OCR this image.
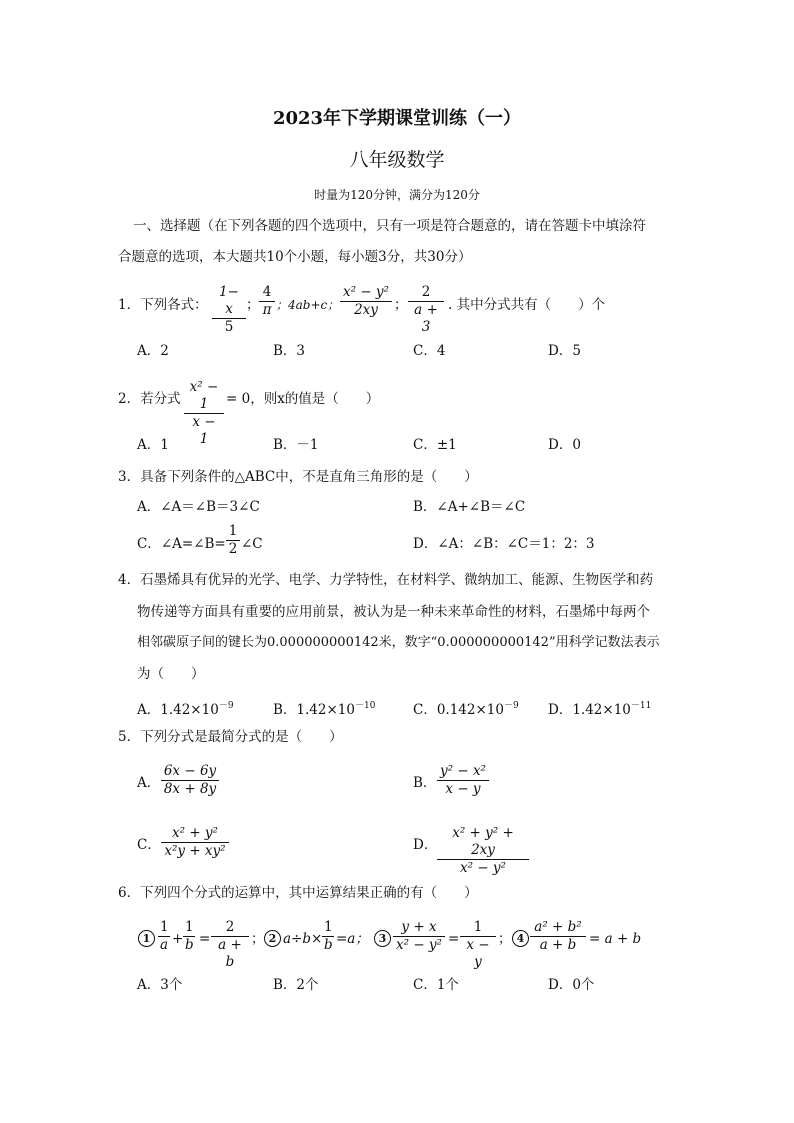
2023年下学期课堂训练（一）
八年级数学
时量为120分钟，满分为120分
一、选择题（在下列各题的四个选项中，只有一项是符合题意的，请在答题卡中填涂符
合题意的选项，本大题共10个小题，每小题3分，共30分）
1．下列各式：
1− x
5
；
4
π ；4ab+c；
x² − y²
2xy	；
2
a + 3
. 其中分式共有（　　）个
A．2	B．3	C．4	D．5
2．若分式
x² − 1
x − 1
= 0，则x的值是（　　）
A．1	B．－1	C．±1	D．0
3．具备下列条件的△ABC中，不是直角三角形的是（　　）
A．∠A＝∠B＝3∠C	B．∠A+∠B＝∠C
C．∠A=∠B=
1
2 ∠C	D．∠A：∠B：∠C＝1：2：3
4．石墨烯具有优异的光学、电学、力学特性，在材料学、微纳加工、能源、生物医学和药
物传递等方面具有重要的应用前景，被认为是一种未来革命性的材料，石墨烯中每两个
相邻碳原子间的键长为0.000000000142米，数字“0.000000000142”用科学记数法表示
为（　　）
A．$1.42\times 10^{-9}$	B．$1.42\times 10^{-10}$	C．$0.142\times 10^{-9}$ D．$1.42\times 10^{-11}$
5．下列分式是最简分式的是（　　）
A．
6x − 6y
8x + 8y	B．
y² − x²
x − y
C．
x² + y²
x²y + xy²	D．
x² + y² + 2xy
x² − y²
6．下列四个分式的运算中，其中运算结果正确的有（　　）
1
1
a +
1
b =
2
a + b
； 2 a÷b×
1
b =a； 3
y + x
x² − y² =
1
x − y
； 4
a² + b²
a + b = a + b
A．3个	B．2个	C．1个	D．0个
